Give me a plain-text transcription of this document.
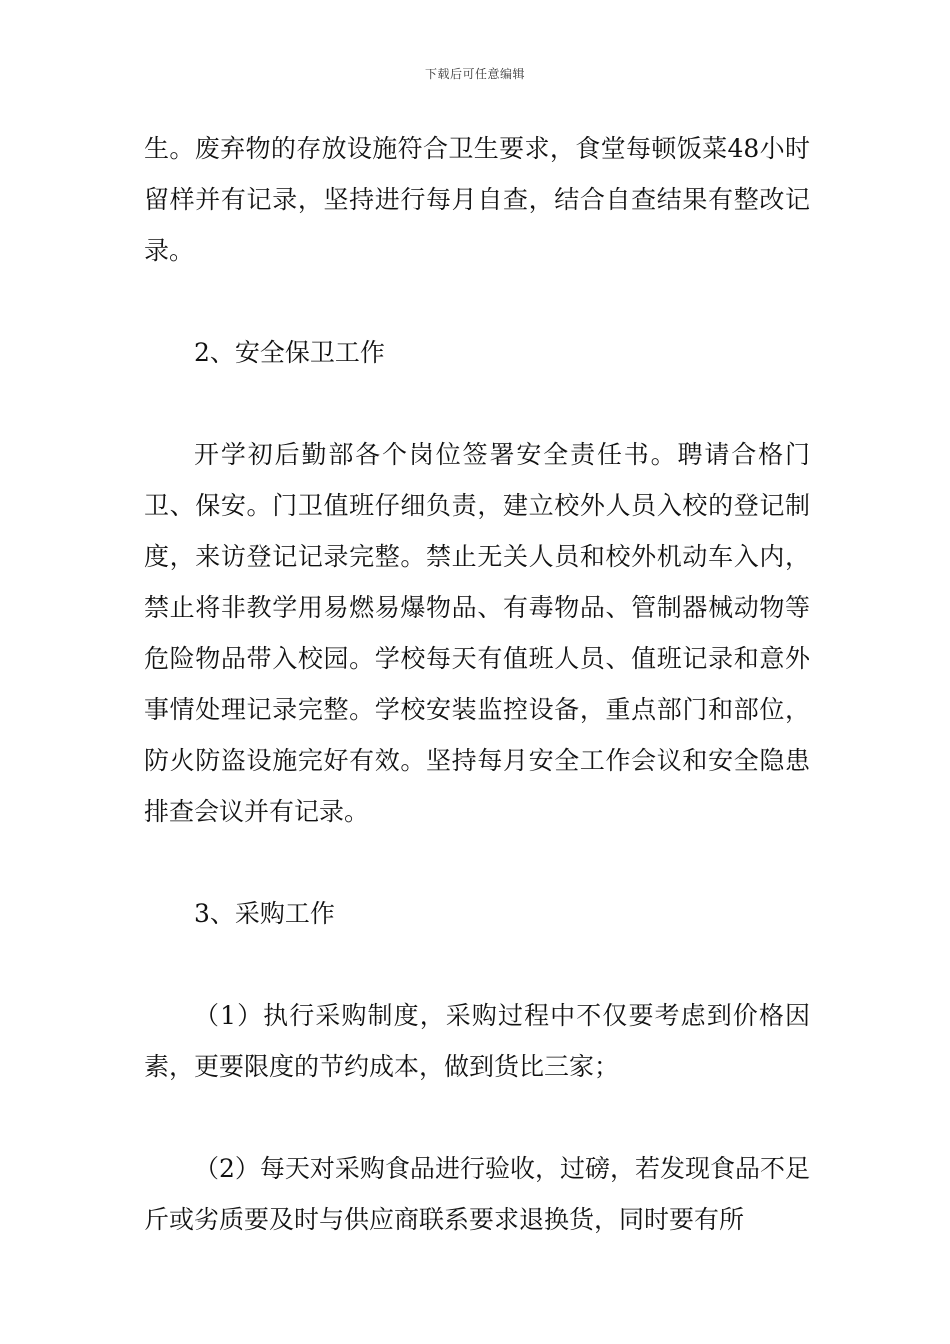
下载后可任意编辑

生。废弃物的存放设施符合卫生要求，食堂每顿饭菜48小时留样并有记录，坚持进行每月自查，结合自查结果有整改记录。

2、安全保卫工作

开学初后勤部各个岗位签署安全责任书。聘请合格门卫、保安。门卫值班仔细负责，建立校外人员入校的登记制度，来访登记记录完整。禁止无关人员和校外机动车入内，禁止将非教学用易燃易爆物品、有毒物品、管制器械动物等危险物品带入校园。学校每天有值班人员、值班记录和意外事情处理记录完整。学校安装监控设备，重点部门和部位，防火防盗设施完好有效。坚持每月安全工作会议和安全隐患排查会议并有记录。

3、采购工作

（1）执行采购制度，采购过程中不仅要考虑到价格因素，更要限度的节约成本，做到货比三家；

（2）每天对采购食品进行验收，过磅，若发现食品不足斤或劣质要及时与供应商联系要求退换货，同时要有所
